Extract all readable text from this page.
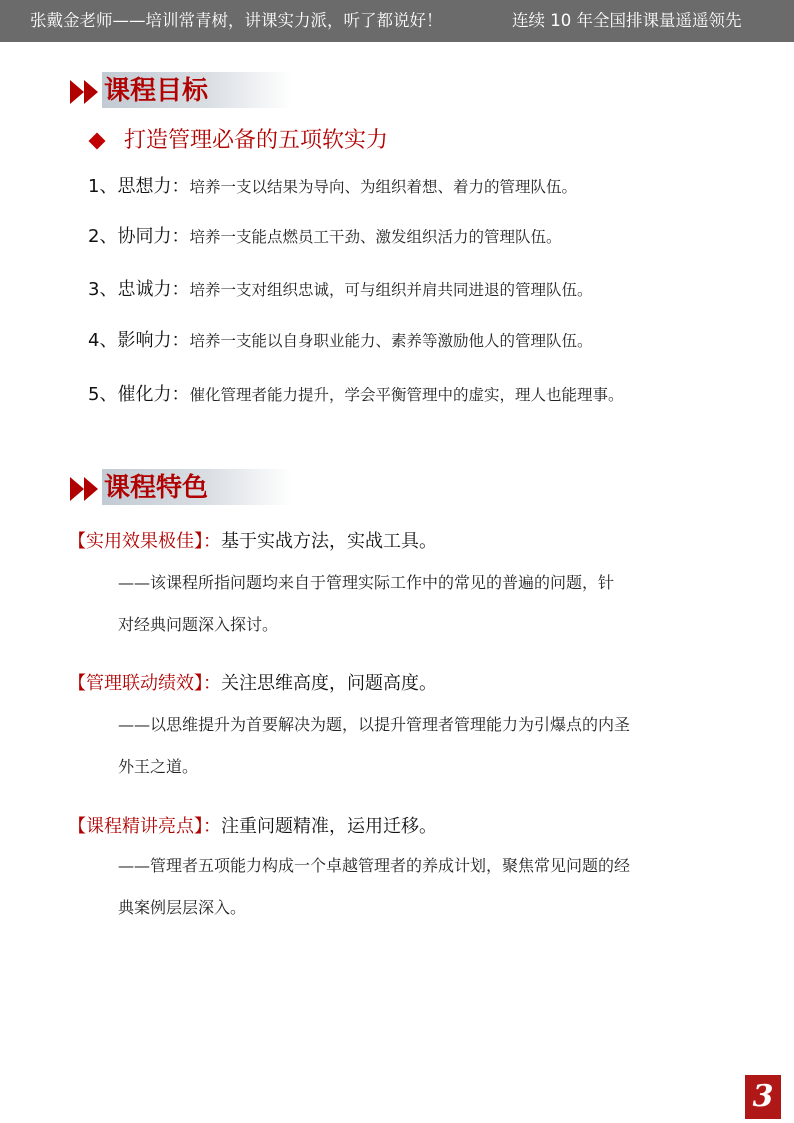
张戴金老师——培训常青树，讲课实力派，听了都说好！	连续 10 年全国排课量遥遥领先
课程目标
打造管理必备的五项软实力
1、思想力：培养一支以结果为导向、为组织着想、着力的管理队伍。
2、协同力：培养一支能点燃员工干劲、激发组织活力的管理队伍。
3、忠诚力：培养一支对组织忠诚，可与组织并肩共同进退的管理队伍。
4、影响力：培养一支能以自身职业能力、素养等激励他人的管理队伍。
5、催化力：催化管理者能力提升，学会平衡管理中的虚实，理人也能理事。
课程特色
【实用效果极佳】：基于实战方法，实战工具。
——该课程所指问题均来自于管理实际工作中的常见的普遍的问题，针
对经典问题深入探讨。
【管理联动绩效】：关注思维高度，问题高度。
——以思维提升为首要解决为题，以提升管理者管理能力为引爆点的内圣
外王之道。
【课程精讲亮点】：注重问题精准，运用迁移。
——管理者五项能力构成一个卓越管理者的养成计划，聚焦常见问题的经
典案例层层深入。
3
